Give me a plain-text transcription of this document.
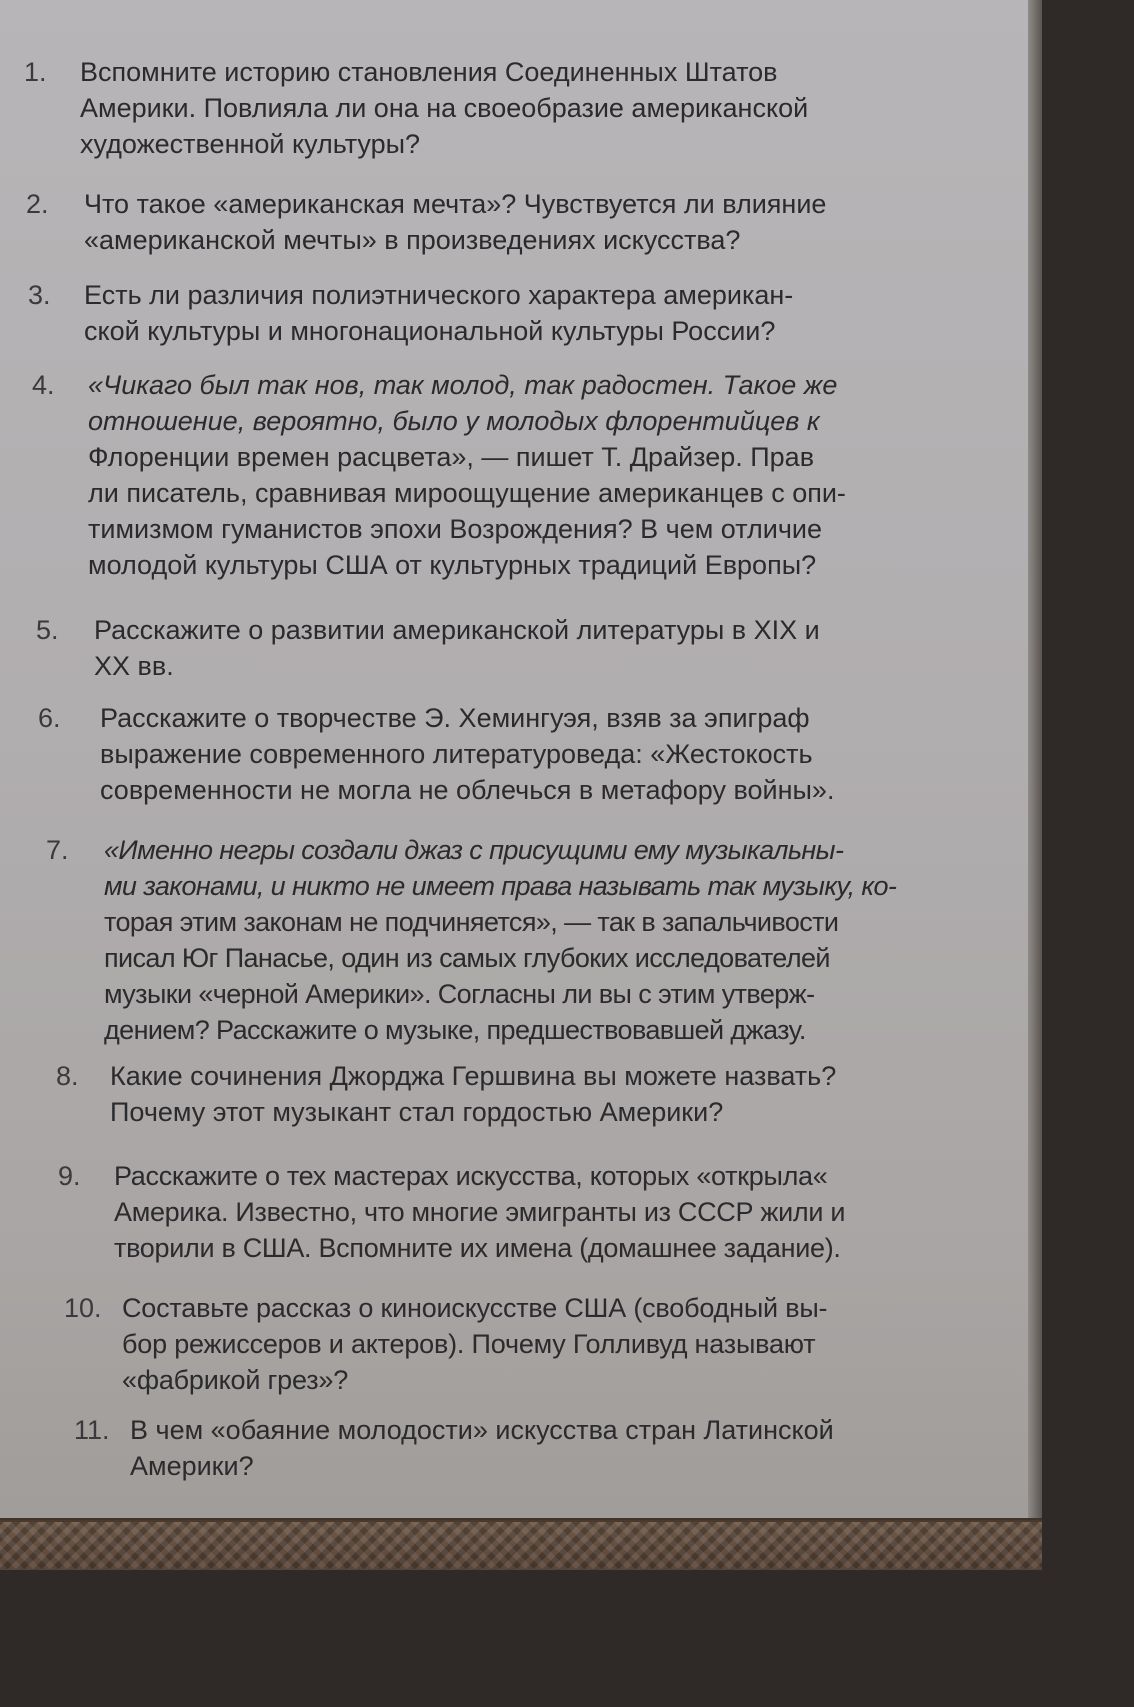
1.	Вспомните историю становления Соединенных Штатов
Америки. Повлияла ли она на своеобразие американской
художественной культуры?
2.	Что такое «американская мечта»? Чувствуется ли влияние
«американской мечты» в произведениях искусства?
3.	Есть ли различия полиэтнического характера американ-
ской культуры и многонациональной культуры России?
4.	«Чикаго был так нов, так молод, так радостен. Такое же
отношение, вероятно, было у молодых флорентийцев к
Флоренции времен расцвета», — пишет Т. Драйзер. Прав
ли писатель, сравнивая мироощущение американцев с опи-
тимизмом гуманистов эпохи Возрождения? В чем отличие
молодой культуры США от культурных традиций Европы?
5.	Расскажите о развитии американской литературы в XIX и
XX вв.
6.	Расскажите о творчестве Э. Хемингуэя, взяв за эпиграф
выражение современного литературоведа: «Жестокость
современности не могла не облечься в метафору войны».
7.	«Именно негры создали джаз с присущими ему музыкальны-
ми законами, и никто не имеет права называть так музыку, ко-
торая этим законам не подчиняется», — так в запальчивости
писал Юг Панасье, один из самых глубоких исследователей
музыки «черной Америки». Согласны ли вы с этим утверж-
дением? Расскажите о музыке, предшествовавшей джазу.
8.	Какие сочинения Джорджа Гершвина вы можете назвать?
Почему этот музыкант стал гордостью Америки?
9.	Расскажите о тех мастерах искусства, которых «открыла«
Америка. Известно, что многие эмигранты из СССР жили и
творили в США. Вспомните их имена (домашнее задание).
10. Составьте рассказ о киноискусстве США (свободный вы-
бор режиссеров и актеров). Почему Голливуд называют
«фабрикой грез»?
11. В чем «обаяние молодости» искусства стран Латинской
Америки?
